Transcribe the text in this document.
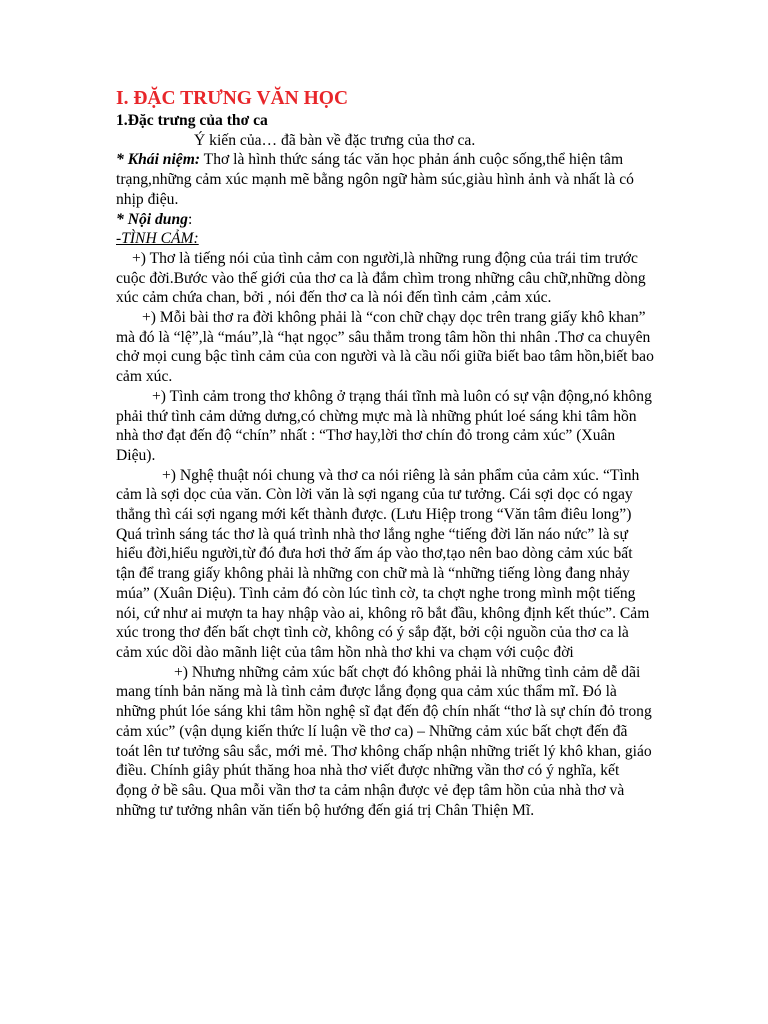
I. ĐẶC TRƯNG VĂN HỌC

1.Đặc trưng của thơ ca

Ý kiến của… đã bàn về đặc trưng của thơ ca.

* Khái niệm: Thơ là hình thức sáng tác văn học phản ánh cuộc sống,thể hiện tâm trạng,những cảm xúc mạnh mẽ bằng ngôn ngữ hàm súc,giàu hình ảnh và nhất là có nhịp điệu.

* Nội dung:

-TÌNH CẢM:

+) Thơ là tiếng nói của tình cảm con người,là những rung động của trái tim trước cuộc đời.Bước vào thế giới của thơ ca là đắm chìm trong những câu chữ,những dòng xúc cảm chứa chan, bởi , nói đến thơ ca là nói đến tình cảm ,cảm xúc.

+) Mỗi bài thơ ra đời không phải là “con chữ chạy dọc trên trang giấy khô khan” mà đó là “lệ”,là “máu”,là “hạt ngọc” sâu thẳm trong tâm hồn thi nhân .Thơ ca chuyên chở mọi cung bậc tình cảm của con người và là cầu nối giữa biết bao tâm hồn,biết bao cảm xúc.

+) Tình cảm trong thơ không ở trạng thái tĩnh mà luôn có sự vận động,nó không phải thứ tình cảm dửng dưng,có chừng mực mà là những phút loé sáng khi tâm hồn nhà thơ đạt đến độ “chín” nhất : “Thơ hay,lời thơ chín đỏ trong cảm xúc” (Xuân Diệu).

+) Nghệ thuật nói chung và thơ ca nói riêng là sản phẩm của cảm xúc. “Tình cảm là sợi dọc của văn. Còn lời văn là sợi ngang của tư tưởng. Cái sợi dọc có ngay thẳng thì cái sợi ngang mới kết thành được. (Lưu Hiệp trong “Văn tâm điêu long”) Quá trình sáng tác thơ là quá trình nhà thơ lắng nghe “tiếng đời lăn náo nức” là sự hiểu đời,hiểu người,từ đó đưa hơi thở ấm áp vào thơ,tạo nên bao dòng cảm xúc bất tận để trang giấy không phải là những con chữ mà là “những tiếng lòng đang nhảy múa” (Xuân Diệu). Tình cảm đó còn lúc tình cờ, ta chợt nghe trong mình một tiếng nói, cứ như ai mượn ta hay nhập vào ai, không rõ bắt đầu, không định kết thúc”. Cảm xúc trong thơ đến bất chợt tình cờ, không có ý sắp đặt, bởi cội nguồn của thơ ca là cảm xúc dồi dào mãnh liệt của tâm hồn nhà thơ khi va chạm với cuộc đời

+) Nhưng những cảm xúc bất chợt đó không phải là những tình cảm dễ dãi mang tính bản năng mà là tình cảm được lắng đọng qua cảm xúc thẩm mĩ. Đó là những phút lóe sáng khi tâm hồn nghệ sĩ đạt đến độ chín nhất “thơ là sự chín đỏ trong cảm xúc” (vận dụng kiến thức lí luận về thơ ca) – Những cảm xúc bất chợt đến đã toát lên tư tưởng sâu sắc, mới mẻ. Thơ không chấp nhận những triết lý khô khan, giáo điều. Chính giây phút thăng hoa nhà thơ viết được những vần thơ có ý nghĩa, kết đọng ở bề sâu. Qua mỗi vần thơ ta cảm nhận được vẻ đẹp tâm hồn của nhà thơ và những tư tưởng nhân văn tiến bộ hướng đến giá trị Chân Thiện Mĩ.
